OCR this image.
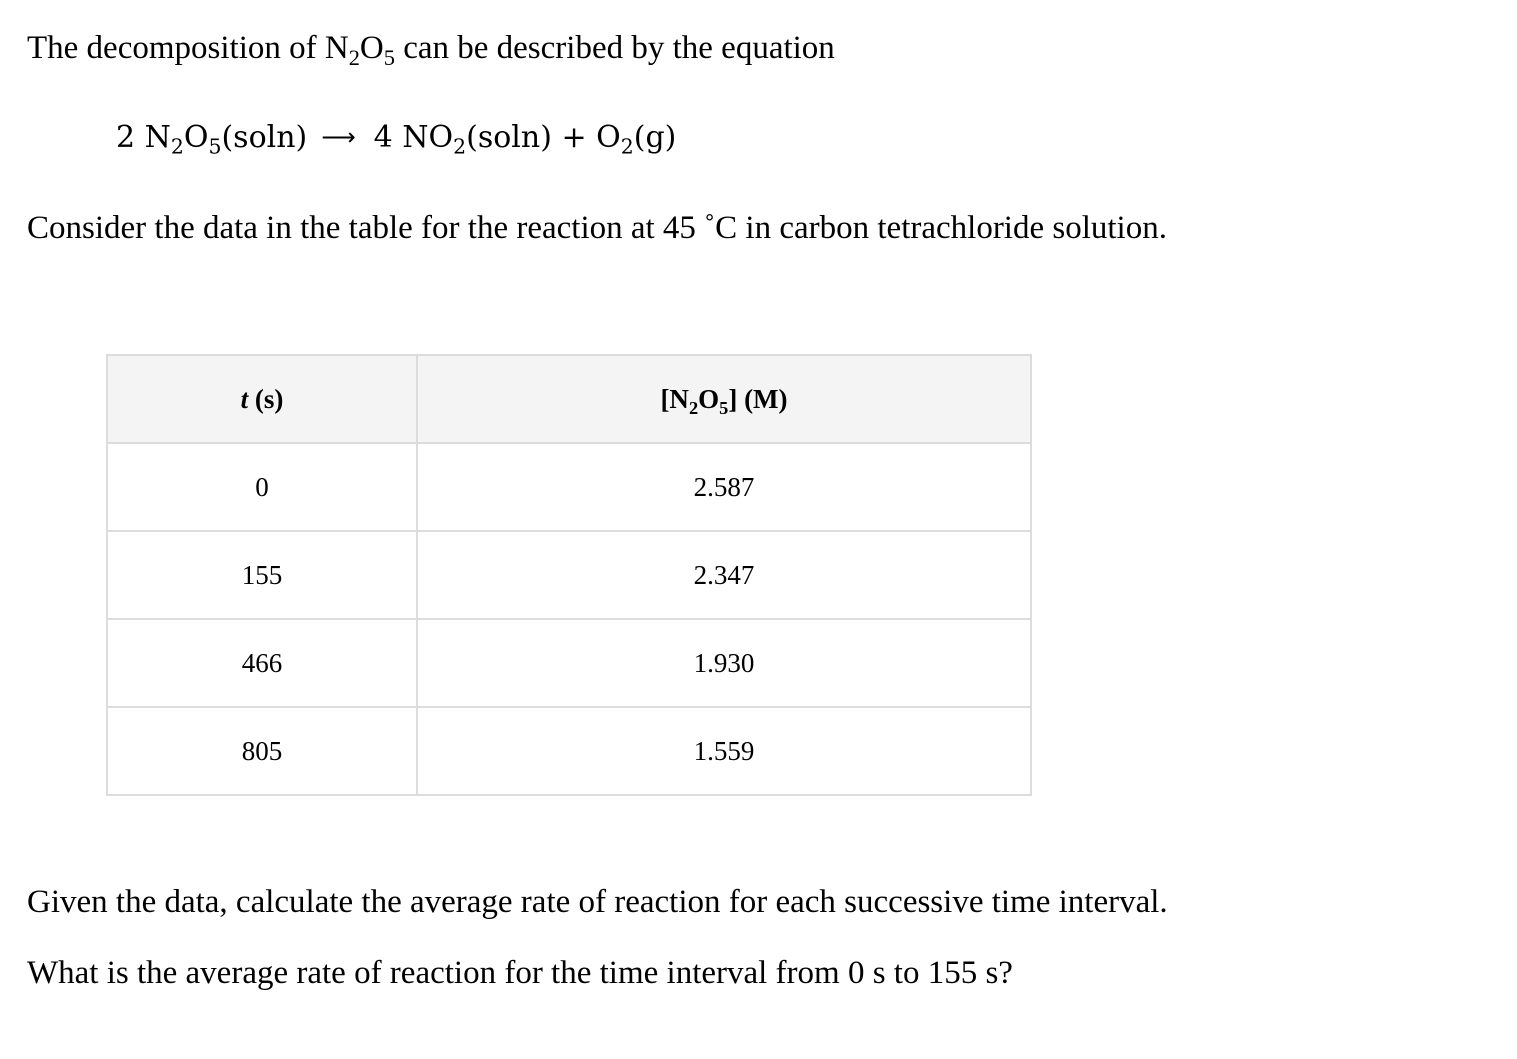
The decomposition of $N_2O_5$ can be described by the equation
2 $N_2O_5(soln)$ ⟶ 4 $NO_2(soln) + O_2(g)$
Consider the data in the table for the reaction at 45 ˚C in carbon tetrachloride solution.
t (s)	$[N_2O_5]$ (M)
0	2.587
155	2.347
466	1.930
805	1.559
Given the data, calculate the average rate of reaction for each successive time interval.
What is the average rate of reaction for the time interval from 0 s to 155 s?
